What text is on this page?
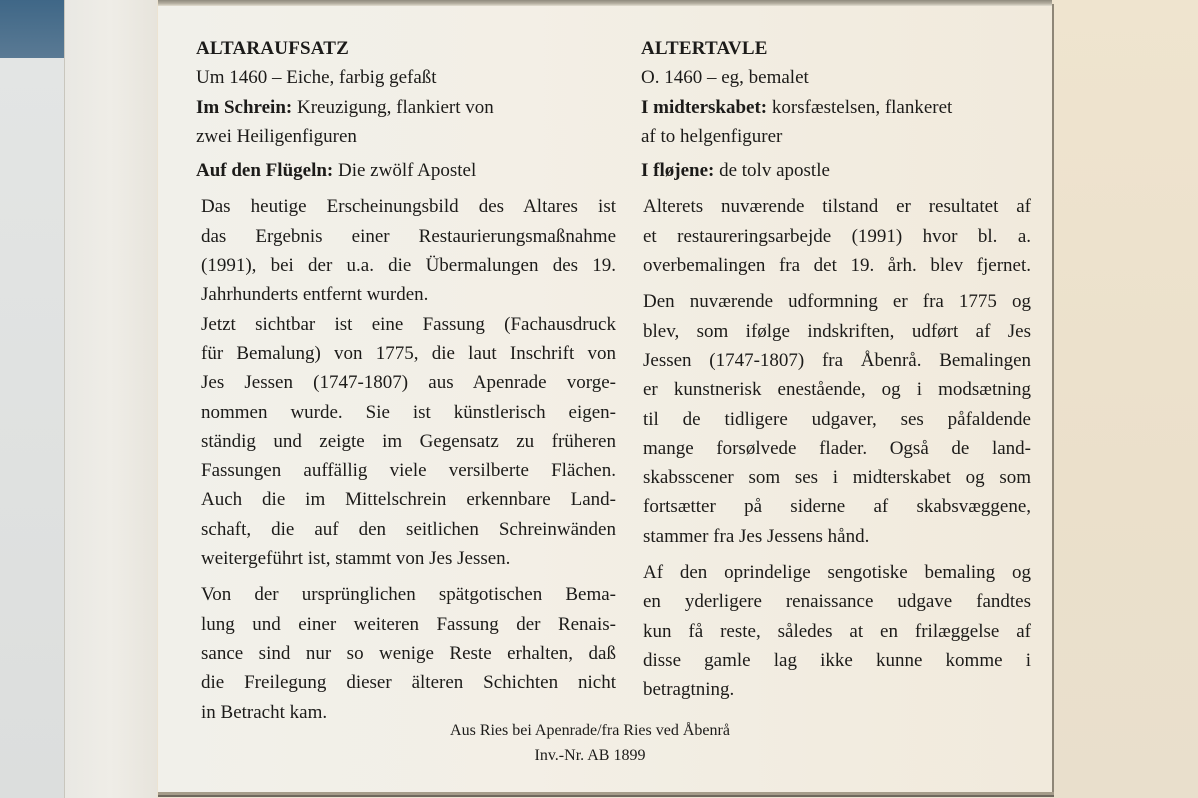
ALTARAUFSATZ
Um 1460 – Eiche, farbig gefaßt
Im Schrein: Kreuzigung, flankiert von
zwei Heiligenfiguren
Auf den Flügeln: Die zwölf Apostel
Das heutige Erscheinungsbild des Altares ist
das Ergebnis einer Restaurierungsmaßnahme
(1991), bei der u.a. die Übermalungen des 19.
Jahrhunderts entfernt wurden.
Jetzt sichtbar ist eine Fassung (Fachausdruck
für Bemalung) von 1775, die laut Inschrift von
Jes Jessen (1747-1807) aus Apenrade vorge-
nommen wurde. Sie ist künstlerisch eigen-
ständig und zeigte im Gegensatz zu früheren
Fassungen auffällig viele versilberte Flächen.
Auch die im Mittelschrein erkennbare Land-
schaft, die auf den seitlichen Schreinwänden
weitergeführt ist, stammt von Jes Jessen.
Von der ursprünglichen spätgotischen Bema-
lung und einer weiteren Fassung der Renais-
sance sind nur so wenige Reste erhalten, daß
die Freilegung dieser älteren Schichten nicht
in Betracht kam.
ALTERTAVLE
O. 1460 – eg, bemalet
I midterskabet: korsfæstelsen, flankeret
af to helgenfigurer
I fløjene: de tolv apostle
Alterets nuværende tilstand er resultatet af
et restaureringsarbejde (1991) hvor bl. a.
overbemalingen fra det 19. årh. blev fjernet.
Den nuværende udformning er fra 1775 og
blev, som ifølge indskriften, udført af Jes
Jessen (1747-1807) fra Åbenrå. Bemalingen
er kunstnerisk enestående, og i modsætning
til de tidligere udgaver, ses påfaldende
mange forsølvede flader. Også de land-
skabsscener som ses i midterskabet og som
fortsætter på siderne af skabsvæggene,
stammer fra Jes Jessens hånd.
Af den oprindelige sengotiske bemaling og
en yderligere renaissance udgave fandtes
kun få reste, således at en frilæggelse af
disse gamle lag ikke kunne komme i
betragtning.
Aus Ries bei Apenrade/fra Ries ved Åbenrå
Inv.-Nr. AB 1899
